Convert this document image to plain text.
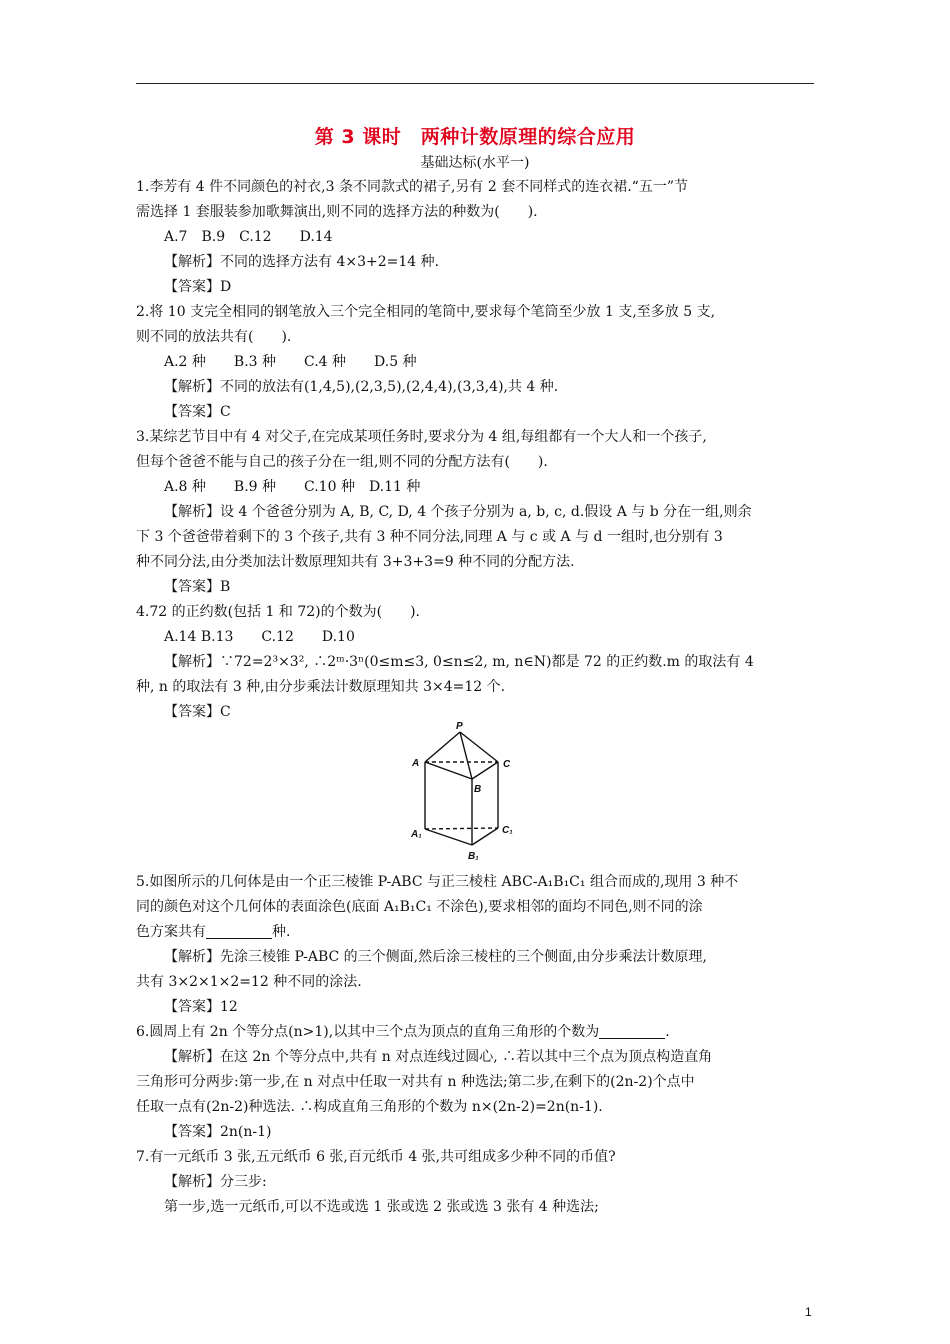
第 3 课时　两种计数原理的综合应用
基础达标(水平一)

1.李芳有 4 件不同颜色的衬衣,3 条不同款式的裙子,另有 2 套不同样式的连衣裙.“五一”节

需选择 1 套服装参加歌舞演出,则不同的选择方法的种数为(　　).

A.7　B.9　C.12　　D.14

【解析】不同的选择方法有 4×3+2=14 种.

【答案】D

2.将 10 支完全相同的钢笔放入三个完全相同的笔筒中,要求每个笔筒至少放 1 支,至多放 5 支,

则不同的放法共有(　　).

A.2 种　　B.3 种　　C.4 种　　D.5 种

【解析】不同的放法有(1,4,5),(2,3,5),(2,4,4),(3,3,4),共 4 种.

【答案】C

3.某综艺节目中有 4 对父子,在完成某项任务时,要求分为 4 组,每组都有一个大人和一个孩子,

但每个爸爸不能与自己的孩子分在一组,则不同的分配方法有(　　).

A.8 种　　B.9 种　　C.10 种　D.11 种

【解析】设 4 个爸爸分别为 A, B, C, D, 4 个孩子分别为 a, b, c, d.假设 A 与 b 分在一组,则余

下 3 个爸爸带着剩下的 3 个孩子,共有 3 种不同分法,同理 A 与 c 或 A 与 d 一组时,也分别有 3

种不同分法,由分类加法计数原理知共有 3+3+3=9 种不同的分配方法.

【答案】B

4.72 的正约数(包括 1 和 72)的个数为(　　).

A.14 B.13　　C.12　　D.10

【解析】∵72=2³×3², ∴2ᵐ·3ⁿ(0≤m≤3, 0≤n≤2, m, n∈N)都是 72 的正约数.m 的取法有 4

种, n 的取法有 3 种,由分步乘法计数原理知共 3×4=12 个.

【答案】C

P
A	C
B
A₁	C₁
B₁

5.如图所示的几何体是由一个正三棱锥 P-ABC 与正三棱柱 ABC-A₁B₁C₁ 组合而成的,现用 3 种不

同的颜色对这个几何体的表面涂色(底面 A₁B₁C₁ 不涂色),要求相邻的面均不同色,则不同的涂

色方案共有	种.

【解析】先涂三棱锥 P-ABC 的三个侧面,然后涂三棱柱的三个侧面,由分步乘法计数原理,

共有 3×2×1×2=12 种不同的涂法.

【答案】12

6.圆周上有 2n 个等分点(n>1),以其中三个点为顶点的直角三角形的个数为	.

【解析】在这 2n 个等分点中,共有 n 对点连线过圆心, ∴若以其中三个点为顶点构造直角

三角形可分两步:第一步,在 n 对点中任取一对共有 n 种选法;第二步,在剩下的(2n-2)个点中

任取一点有(2n-2)种选法. ∴构成直角三角形的个数为 n×(2n-2)=2n(n-1).

【答案】2n(n-1)

7.有一元纸币 3 张,五元纸币 6 张,百元纸币 4 张,共可组成多少种不同的币值?

【解析】分三步:

第一步,选一元纸币,可以不选或选 1 张或选 2 张或选 3 张有 4 种选法;

1
